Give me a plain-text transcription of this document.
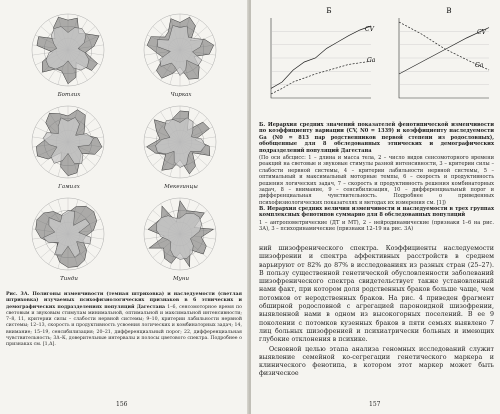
Ботлих	Чирках
Гамилх	Мекегинцы
Тинди	Муни
Рис. 3А. Полигоны изменчивости (темная штриховка) и наследуемости (светлая штриховка) изучаемых психофизиологических признаков в 6 этнических и демографических подразделениях популяций Дагестана 1–6, сенсомоторное время по световым и звуковым стимулам минимальной, оптимальной и максимальной интенсивности; 7–8, 11, критерии силы – слабости нервной системы; 9–10, критерии лабильности нервной системы; 12–13, скорость и продуктивность усвоения логических и комбинаторных задач; 14, внимание; 15–19, сенсибилизация; 20–21, дифференциальный порог; 22, дифференциальная чувствительность; 3Δ–К, доверительные интервалы и полосы цветового спектра. Подробнее о признаках см. [1,Δ].
156
Б	В
CV
Ga
CV
Ga

Б. Иерархия средних значений показателей фенотипической изменчивости по коэффициенту вариации (CV, N0 = 1339) и коэффициенту наследуемости Ga (N0 = 813 пар родственников первой степени из родословных), обобщенные для 8 обследованных этнических и демографических подразделений популяций Дагестана

(По оси абсцисс: 1 – длина и масса тела, 2 – число видов сенсомоторного времени реакций на световые и звуковые стимулы разной интенсивности, 3 – критерии силы – слабости нервной системы, 4 – критерии лабильности нервной системы, 5 – оптимальный и максимальный моторные темпы, 6 – скорость и продуктивность решения логических задач, 7 – скорость и продуктивность решения комбинаторных задач, 8 – внимание, 9 – сенсибилизация, 10 – дифференциальный порог и дифференциальная чувствительность. Подробнее о приведенных психофизиологических показателях и методах их измерения см. [1])

В. Иерархия средних величин изменчивости и наследуемости в трех группах комплексных фенотипов суммарно для 8 обследованных популяций

1 – антропометрические (ДТ и МТ), 2 – нейродинамические (признаки 1–6 на рис. 3А), 3 – психодинамические (признаки 12–19 на рис. 3А)

ний шизофренического спектра. Коэффициенты наследуемости шизофрении и спектра аффективных расстройств в среднем варьируют от 82% до 87% в исследованиях из разных стран (25–27). В пользу существенной генетической обусловленности заболеваний шизофренического спектра свидетельствует также установленный нами факт, при котором доля родственных браков больше чаще, чем потомков от неродственных браков. На рис. 4 приведен фрагмент обширной родословной с агрегацией пароноидной шизофрении, выявленной нами в одном из высокогорных поселений. В ее 9 поколении с потомков кузенных браков в пяти семьях выявлено 7 лиц больных шизофренией и психиатрически больных и имеющих глубокие отклонения в психике.

Основной целью этапа анализа геномных исследований служит выявление семейной ко-сегрегации генетического маркера и клинического фенотипа, в котором этот маркер может быть физическое

157
